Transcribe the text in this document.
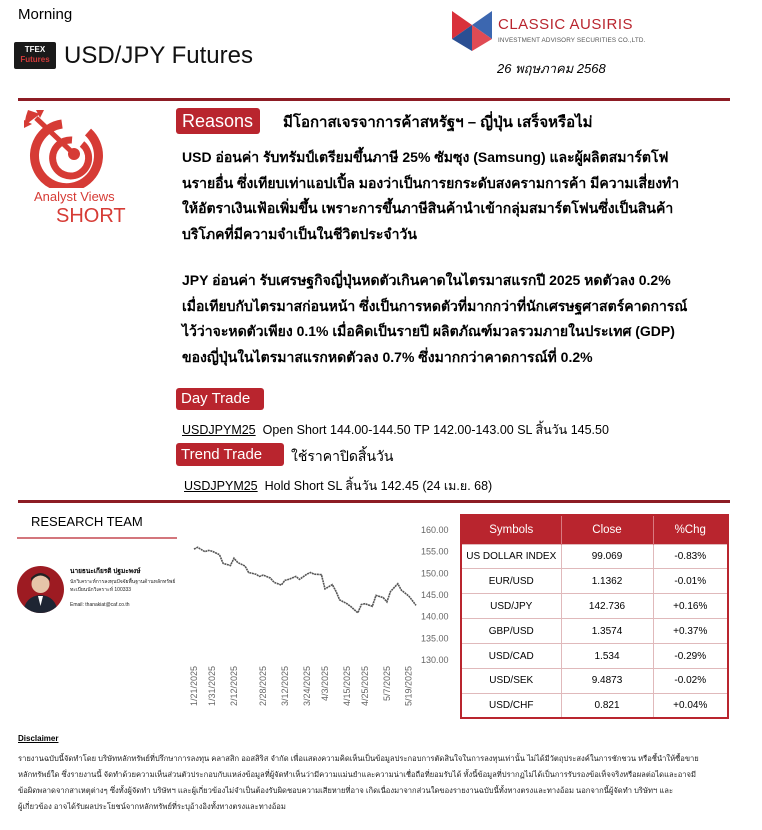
Morning
TFEX
Futures USD/JPY Futures
CLASSIC AUSIRIS
INVESTMENT ADVISORY SECURITIES CO.,LTD.
26 พฤษภาคม 2568
Analyst Views
SHORT
Reasons	มีโอกาสเจรจาการค้าสหรัฐฯ – ญี่ปุ่น เสร็จหรือไม่
USD อ่อนค่า รับทรัมป์เตรียมขึ้นภาษี 25% ซัมซุง (Samsung) และผู้ผลิตสมาร์ตโฟ
นรายอื่น ซึ่งเทียบเท่าแอปเปิ้ล มองว่าเป็นการยกระดับสงครามการค้า มีความเสี่ยงทำ
ให้อัตราเงินเฟ้อเพิ่มขึ้น เพราะการขึ้นภาษีสินค้านำเข้ากลุ่มสมาร์ตโฟนซึ่งเป็นสินค้า
บริโภคที่มีความจำเป็นในชีวิตประจำวัน
JPY อ่อนค่า รับเศรษฐกิจญี่ปุ่นหดตัวเกินคาดในไตรมาสแรกปี 2025 หดตัวลง 0.2%
เมื่อเทียบกับไตรมาสก่อนหน้า ซึ่งเป็นการหดตัวที่มากกว่าที่นักเศรษฐศาสตร์คาดการณ์
ไว้ว่าจะหดตัวเพียง 0.1% เมื่อคิดเป็นรายปี ผลิตภัณฑ์มวลรวมภายในประเทศ (GDP)
ของญี่ปุ่นในไตรมาสแรกหดตัวลง 0.7% ซึ่งมากกว่าคาดการณ์ที่ 0.2%
Day Trade
USDJPYM25 Open Short 144.00-144.50 TP 142.00-143.00 SL สิ้นวัน 145.50
Trend Trade	ใช้ราคาปิดสิ้นวัน
USDJPYM25 Hold Short SL สิ้นวัน 142.45 (24 เม.ย. 68)
RESEARCH TEAM
นายธนะเกียรติ ปฐมะพงษ์
นักวิเคราะห์การลงทุนปัจจัยพื้นฐานด้านหลักทรัพย์
ทะเบียนนักวิเคราะห์ 100333
Email: thanakiat@caf.co.th
160.00
155.00
150.00
145.00
140.00
135.00
130.00
1/21/2025 1/31/2025 2/12/2025 2/28/2025 3/12/2025 3/24/2025 4/3/2025 4/15/2025 4/25/2025 5/7/2025 5/19/2025
Symbols	Close	%Chg
US DOLLAR INDEX	99.069	-0.83%
EUR/USD	1.1362	-0.01%
USD/JPY	142.736	+0.16%
GBP/USD	1.3574	+0.37%
USD/CAD	1.534	-0.29%
USD/SEK	9.4873	-0.02%
USD/CHF	0.821	+0.04%
Disclaimer
รายงานฉบับนี้จัดทำโดย บริษัทหลักทรัพย์ที่ปรึกษาการลงทุน คลาสสิก ออสสิริส จำกัด เพื่อแสดงความคิดเห็นเป็นข้อมูลประกอบการตัดสินใจในการลงทุนเท่านั้น ไม่ได้มีวัตถุประสงค์ในการชักชวน หรือชี้นำให้ซื้อขาย
หลักทรัพย์ใด ซึ่งรายงานนี้ จัดทำด้วยความเห็นส่วนตัวประกอบกับแหล่งข้อมูลที่ผู้จัดทำเห็นว่ามีความแม่นยำและความน่าเชื่อถือที่ยอมรับได้ ทั้งนี้ข้อมูลที่ปรากฏไม่ได้เป็นการรับรองข้อเท็จจริงหรือผลต่อไดและอาจมี
ข้อผิดพลาดจากสาเหตุต่างๆ ซึ่งทั้งผู้จัดทำ บริษัทฯ และผู้เกี่ยวข้องไม่จำเป็นต้องรับผิดชอบความเสียหายที่อาจ เกิดเนื่องมาจากส่วนใดของรายงานฉบับนี้ทั้งทางตรงและทางอ้อม นอกจากนี้ผู้จัดทำ บริษัทฯ และ
ผู้เกี่ยวข้อง อาจได้รับผลประโยชน์จากหลักทรัพย์ที่ระบุอ้างอิงทั้งทางตรงและทางอ้อม
